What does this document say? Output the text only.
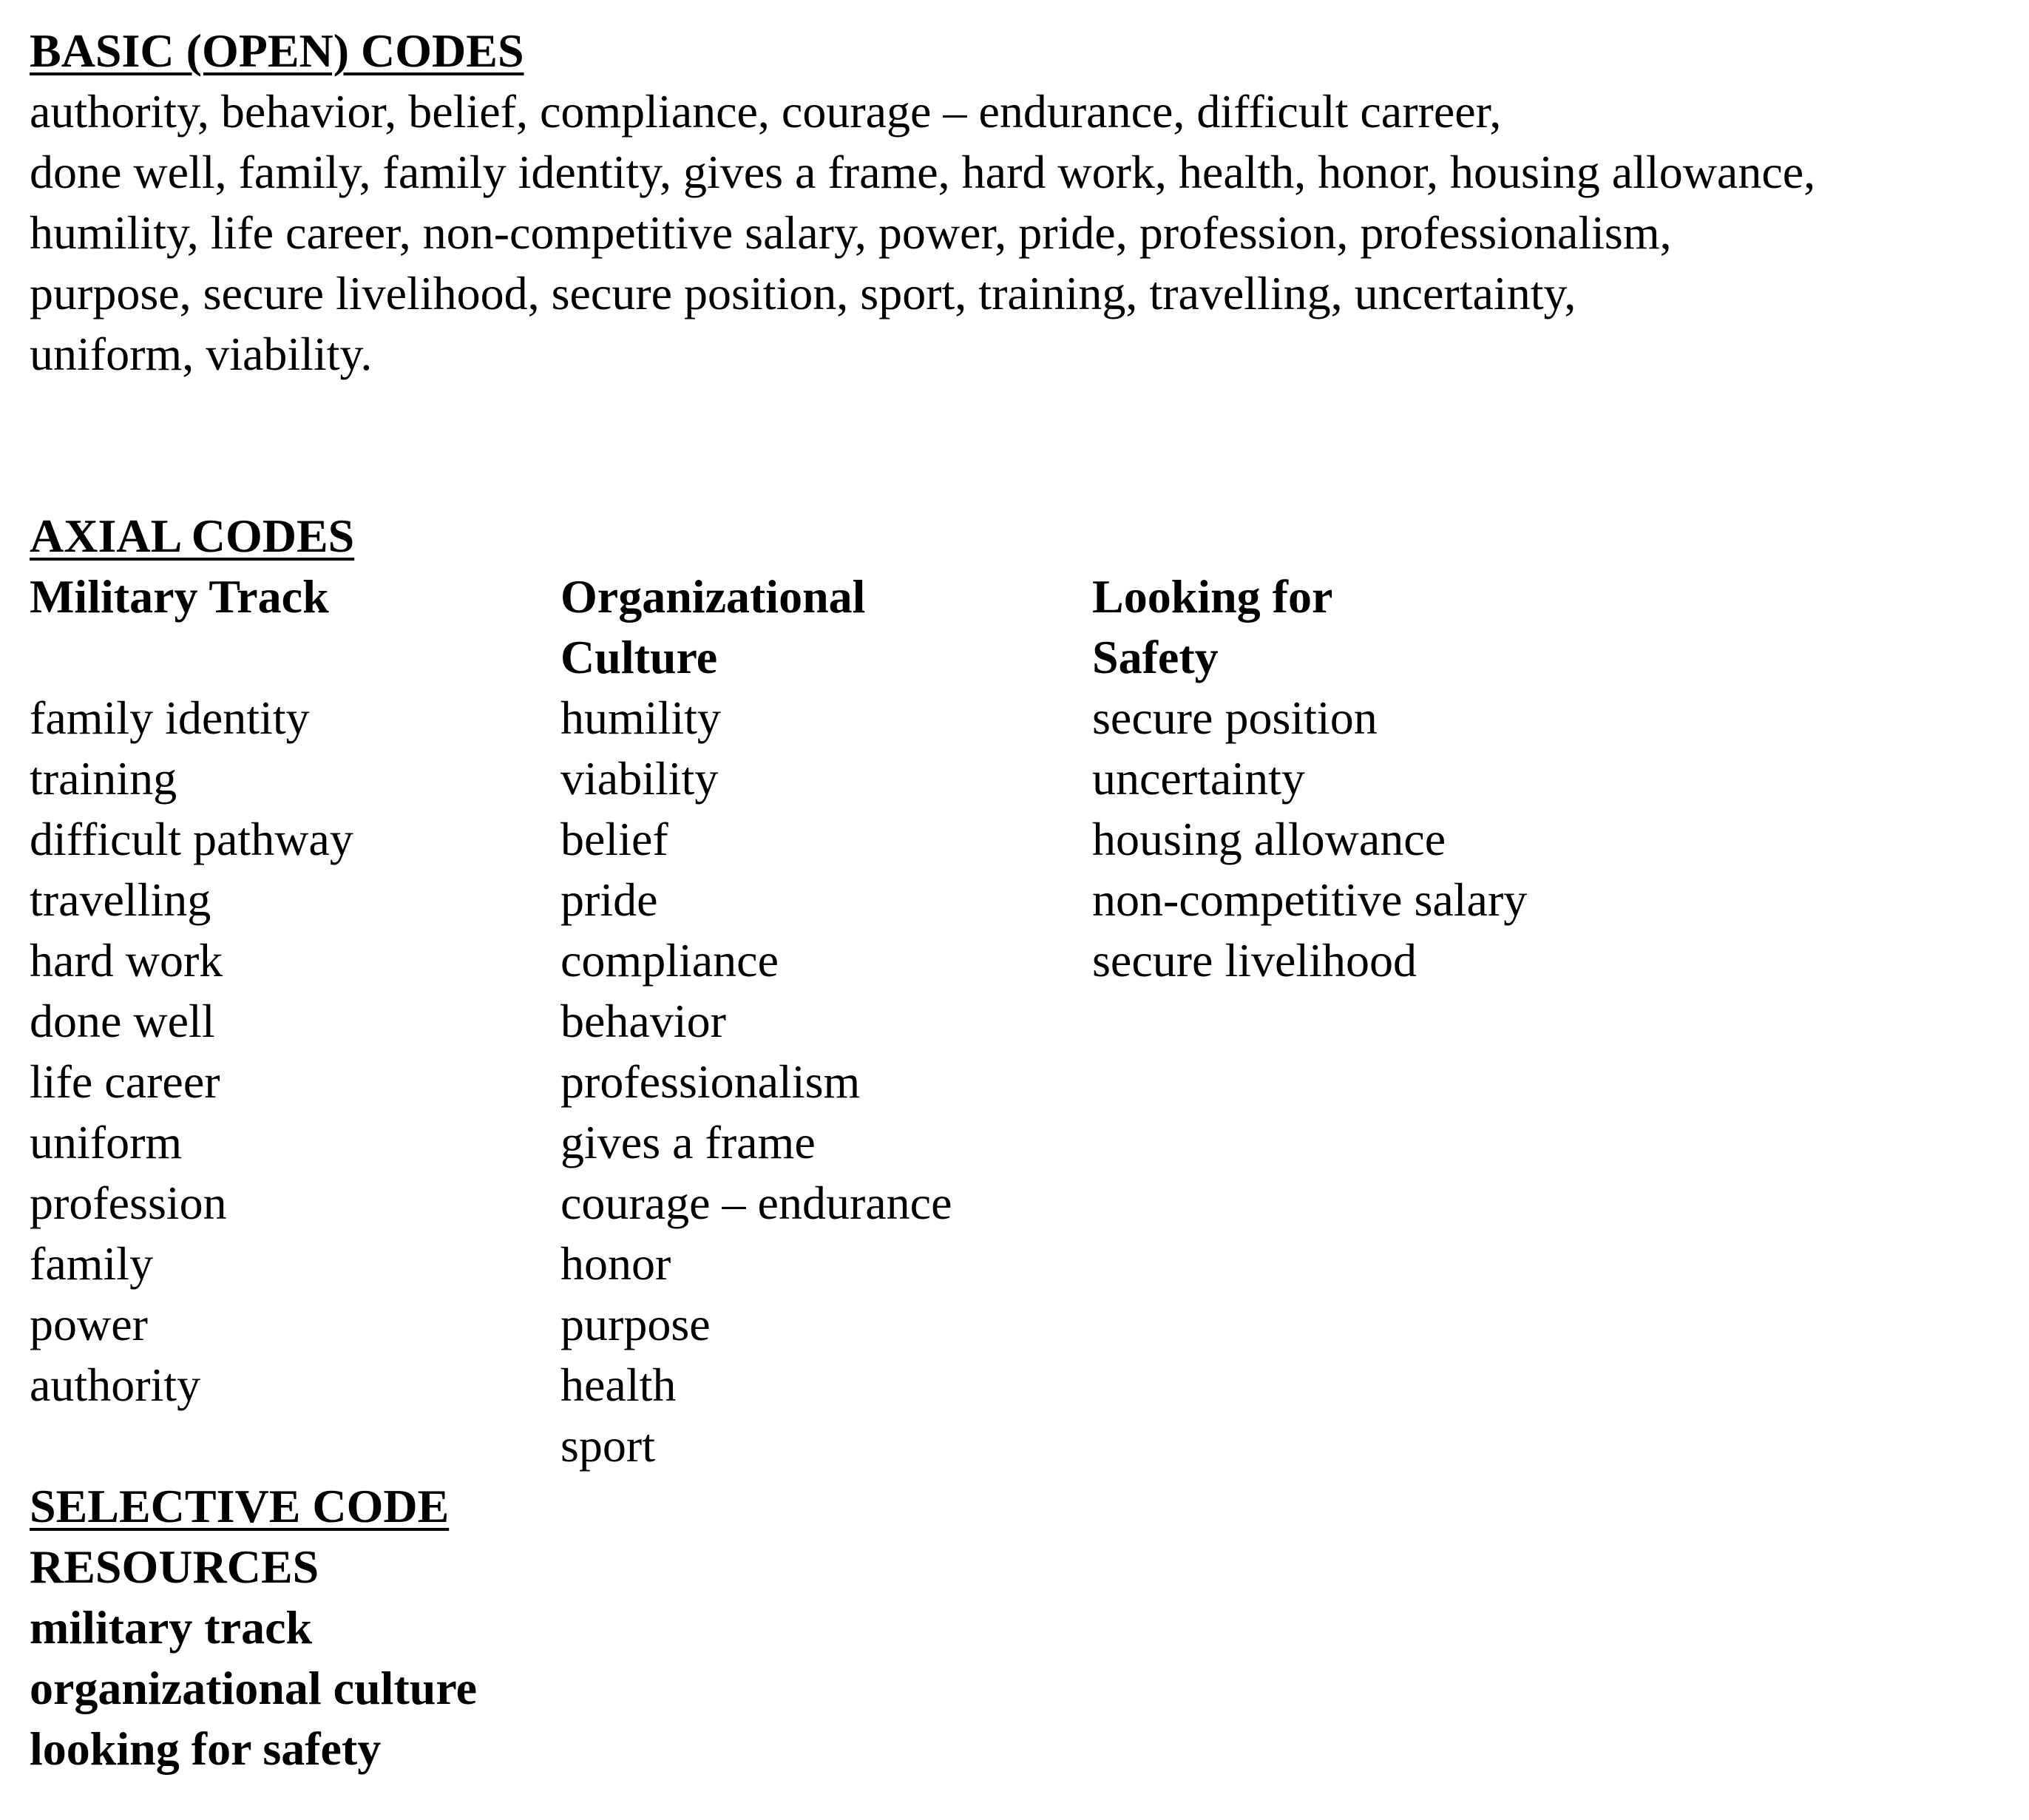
BASIC (OPEN) CODES
authority, behavior, belief, compliance, courage – endurance, difficult carreer,
done well, family, family identity, gives a frame, hard work, health, honor, housing allowance,
humility, life career, non-competitive salary, power, pride, profession, professionalism,
purpose, secure livelihood, secure position, sport, training, travelling, uncertainty,
uniform, viability.
AXIAL CODES
Military Track

family identity
training
difficult pathway
travelling
hard work
done well
life career
uniform
profession
family
power
authority
Organizational
Culture
humility
viability
belief
pride
compliance
behavior
professionalism
gives a frame
courage – endurance
honor
purpose
health
sport
Looking for
Safety
secure position
uncertainty
housing allowance
non-competitive salary
secure livelihood
SELECTIVE CODE
RESOURCES
military track
organizational culture
looking for safety
